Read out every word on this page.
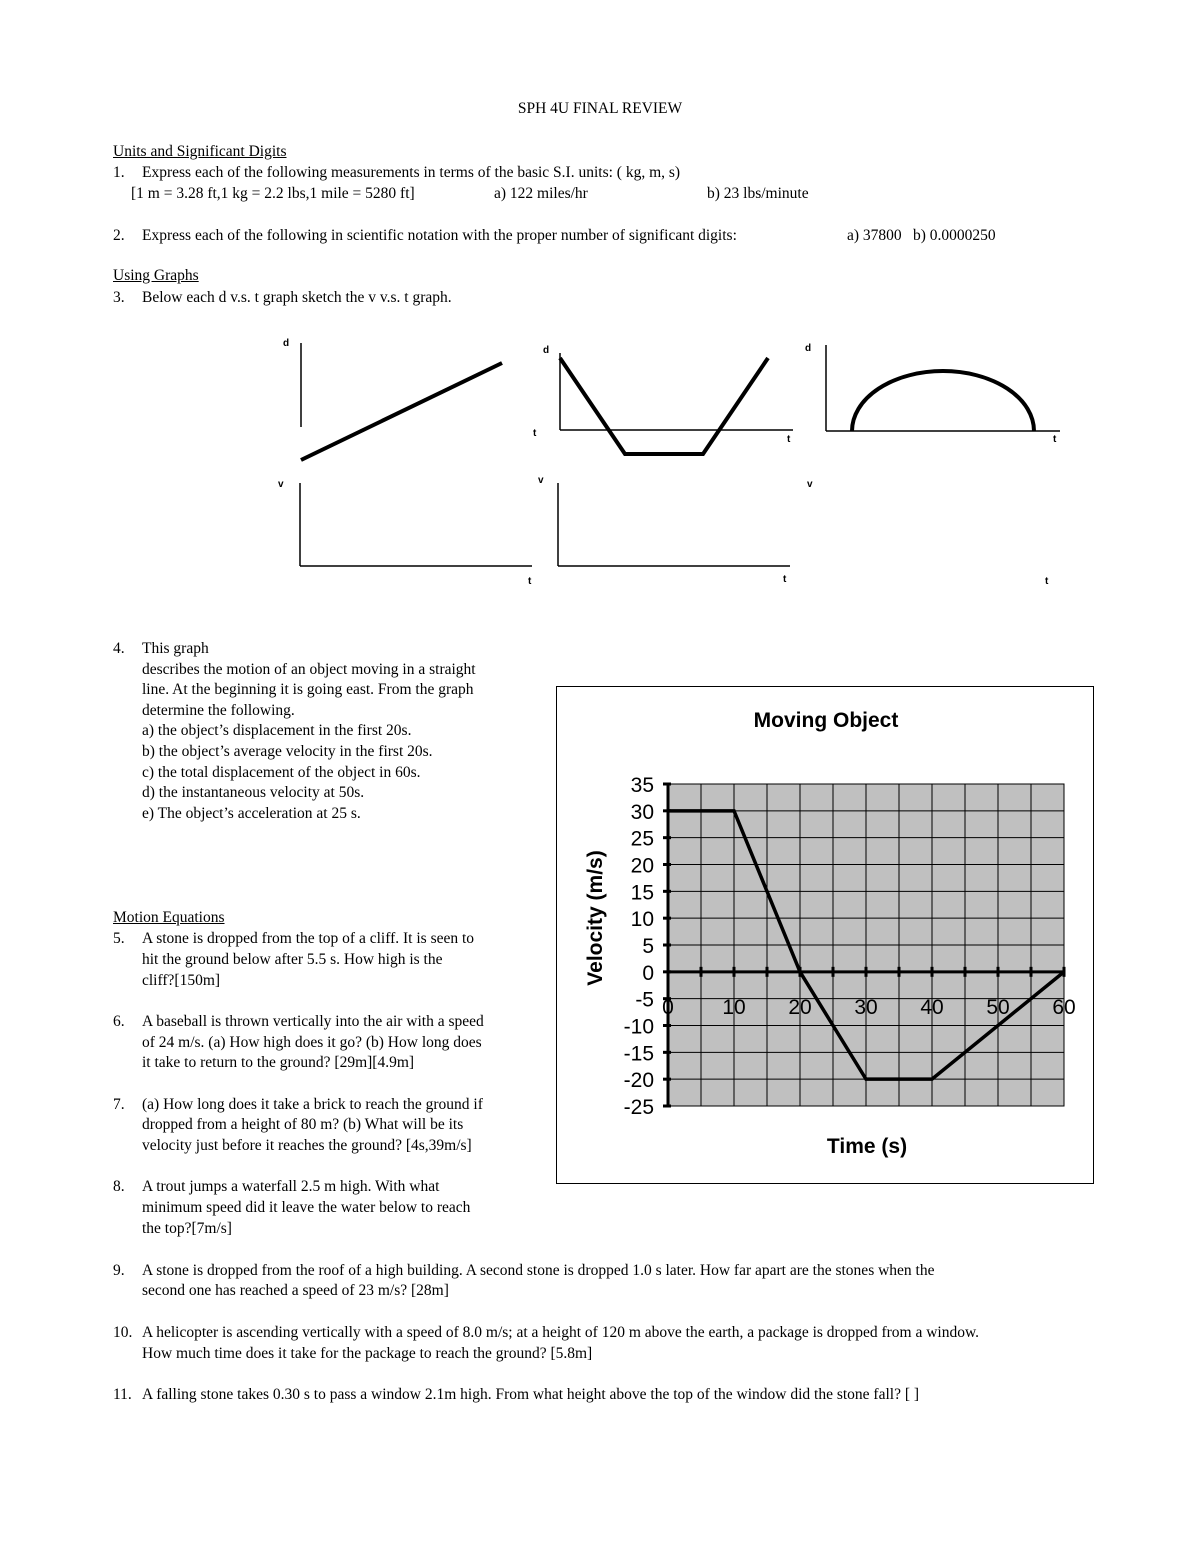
SPH 4U FINAL REVIEW
Units and Significant Digits
1. Express each of the following measurements in terms of the basic S.I. units: ( kg, m, s)
[1 m = 3.28 ft,1 kg = 2.2 lbs,1 mile = 5280 ft]	a) 122 miles/hr	b) 23 lbs/minute
2. Express each of the following in scientific notation with the proper number of significant digits:	a) 37800 b) 0.0000250
Using Graphs
3. Below each d v.s. t graph sketch the v v.s. t graph.
d
d	d
t
t	t
v	v	v
t	t	t
4. This graph
describes the motion of an object moving in a straight
line. At the beginning it is going east. From the graph
determine the following.
a) the object’s displacement in the first 20s.
b) the object’s average velocity in the first 20s.
c) the total displacement of the object in 60s.
d) the instantaneous velocity at 50s.
e) The object’s acceleration at 25 s.
Moving Object
35
30
25
20
15
10
5
0
-5
-10
-15
-20
-25
0 10 20 30 40 50 60
Time (s)
Velocity (m/s)
Motion Equations
5. A stone is dropped from the top of a cliff. It is seen to
hit the ground below after 5.5 s. How high is the
cliff?[150m]
6. A baseball is thrown vertically into the air with a speed
of 24 m/s. (a) How high does it go? (b) How long does
it take to return to the ground? [29m][4.9m]
7. (a) How long does it take a brick to reach the ground if
dropped from a height of 80 m? (b) What will be its
velocity just before it reaches the ground? [4s,39m/s]
8. A trout jumps a waterfall 2.5 m high. With what
minimum speed did it leave the water below to reach
the top?[7m/s]
9. A stone is dropped from the roof of a high building. A second stone is dropped 1.0 s later. How far apart are the stones when the
second one has reached a speed of 23 m/s? [28m]
10. A helicopter is ascending vertically with a speed of 8.0 m/s; at a height of 120 m above the earth, a package is dropped from a window.
How much time does it take for the package to reach the ground? [5.8m]
11. A falling stone takes 0.30 s to pass a window 2.1m high. From what height above the top of the window did the stone fall? [ ]
